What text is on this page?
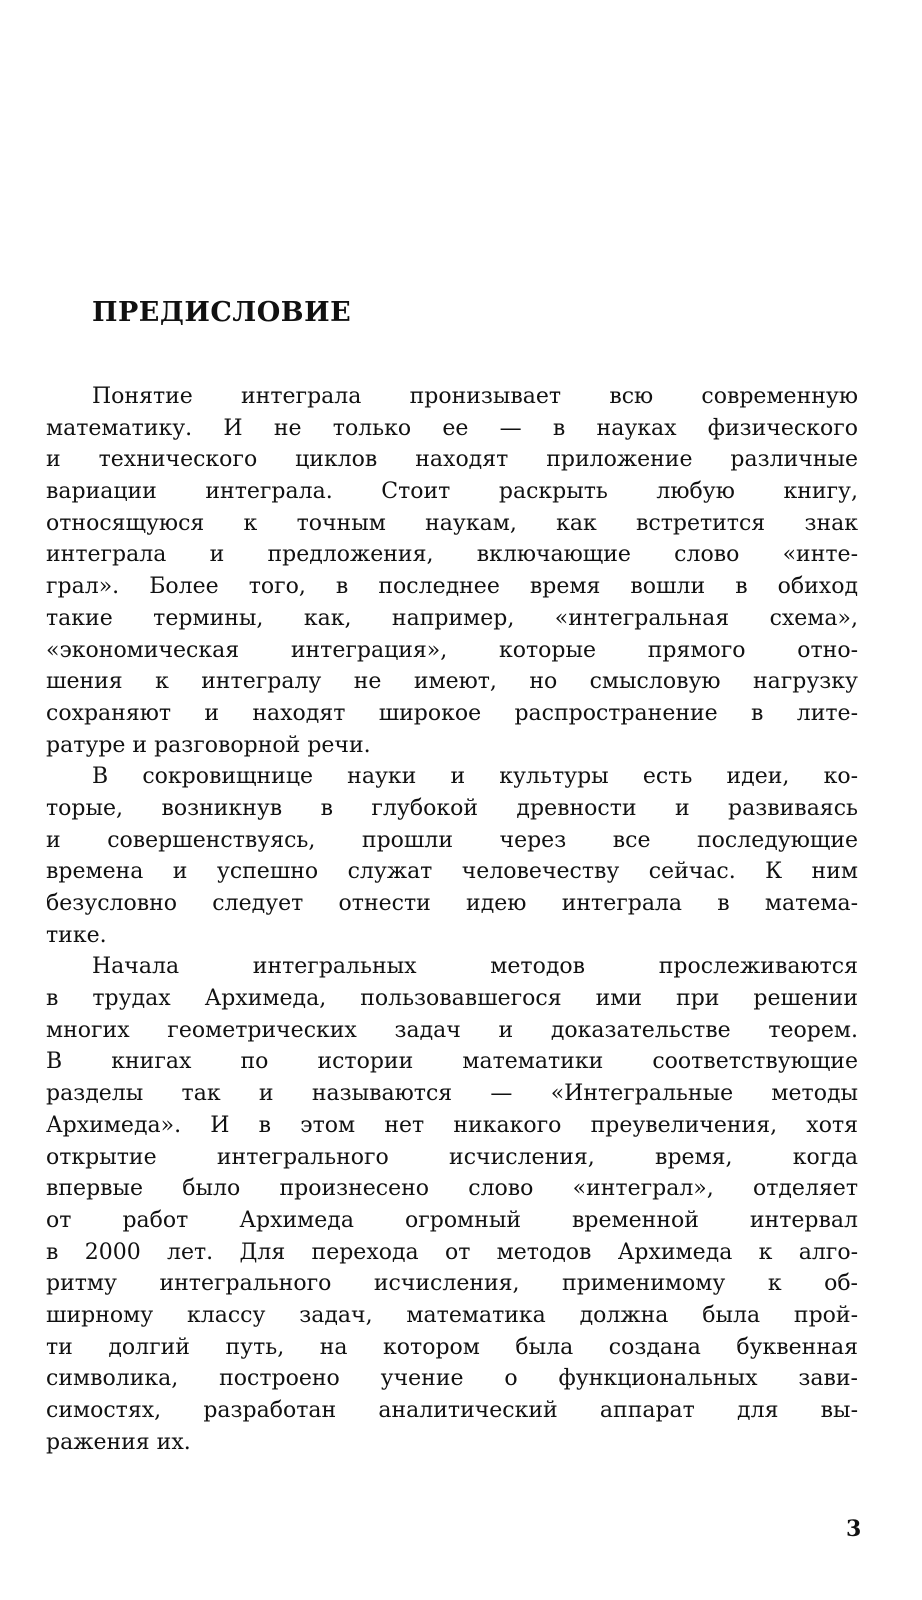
ПРЕДИСЛОВИЕ
Понятие интеграла пронизывает всю современную
математику. И не только ее — в науках физического
и технического циклов находят приложение различные
вариации интеграла. Стоит раскрыть любую книгу,
относящуюся к точным наукам, как встретится знак
интеграла и предложения, включающие слово «инте-
грал». Более того, в последнее время вошли в обиход
такие термины, как, например, «интегральная схема»,
«экономическая интеграция», которые прямого отно-
шения к интегралу не имеют, но смысловую нагрузку
сохраняют и находят широкое распространение в лите-
ратуре и разговорной речи.
В сокровищнице науки и культуры есть идеи, ко-
торые, возникнув в глубокой древности и развиваясь
и совершенствуясь, прошли через все последующие
времена и успешно служат человечеству сейчас. К ним
безусловно следует отнести идею интеграла в матема-
тике.
Начала интегральных методов прослеживаются
в трудах Архимеда, пользовавшегося ими при решении
многих геометрических задач и доказательстве теорем.
В книгах по истории математики соответствующие
разделы так и называются — «Интегральные методы
Архимеда». И в этом нет никакого преувеличения, хотя
открытие интегрального исчисления, время, когда
впервые было произнесено слово «интеграл», отделяет
от работ Архимеда огромный временной интервал
в 2000 лет. Для перехода от методов Архимеда к алго-
ритму интегрального исчисления, применимому к об-
ширному классу задач, математика должна была прой-
ти долгий путь, на котором была создана буквенная
символика, построено учение о функциональных зави-
симостях, разработан аналитический аппарат для вы-
ражения их.
3
